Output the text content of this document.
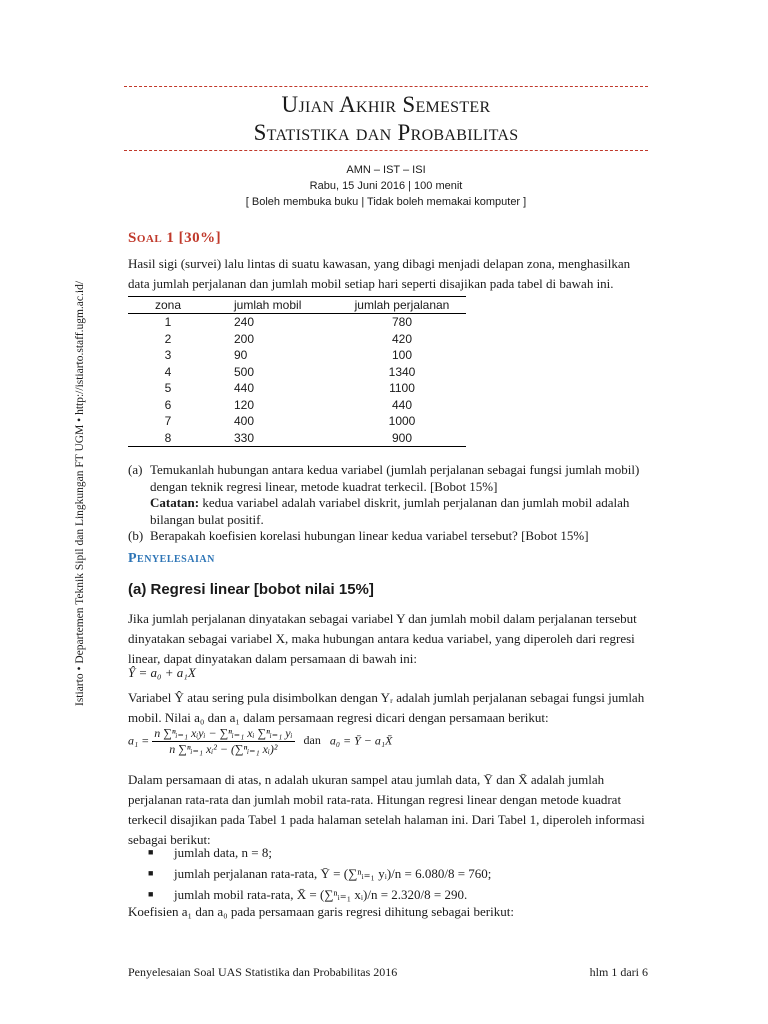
Istiarto • Departemen Teknik Sipil dan Lingkungan FT UGM • http://istiarto.staff.ugm.ac.id/
Ujian Akhir Semester
Statistika dan Probabilitas
AMN – IST – ISI
Rabu, 15 Juni 2016 | 100 menit
[ Boleh membuka buku | Tidak boleh memakai komputer ]
Soal 1 [30%]
Hasil sigi (survei) lalu lintas di suatu kawasan, yang dibagi menjadi delapan zona, menghasilkan data jumlah perjalanan dan jumlah mobil setiap hari seperti disajikan pada tabel di bawah ini.
zona	jumlah mobil	jumlah perjalanan
1	240	780
2	200	420
3	90	100
4	500	1340
5	440	1100
6	120	440
7	400	1000
8	330	900
(a) Temukanlah hubungan antara kedua variabel (jumlah perjalanan sebagai fungsi jumlah mobil) dengan teknik regresi linear, metode kuadrat terkecil. [Bobot 15%]
Catatan: kedua variabel adalah variabel diskrit, jumlah perjalanan dan jumlah mobil adalah bilangan bulat positif.
(b) Berapakah koefisien korelasi hubungan linear kedua variabel tersebut? [Bobot 15%]
Penyelesaian
(a) Regresi linear [bobot nilai 15%]
Jika jumlah perjalanan dinyatakan sebagai variabel Y dan jumlah mobil dalam perjalanan tersebut dinyatakan sebagai variabel X, maka hubungan antara kedua variabel, yang diperoleh dari regresi linear, dapat dinyatakan dalam persamaan di bawah ini:
Ŷ = a₀ + a₁X
Variabel Ŷ atau sering pula disimbolkan dengan Yᵣ adalah jumlah perjalanan sebagai fungsi jumlah mobil. Nilai a₀ dan a₁ dalam persamaan regresi dicari dengan persamaan berikut:
$a_1 = \frac{\text{n ∑ⁿᵢ₌₁ xᵢyᵢ − ∑ⁿᵢ₌₁ xᵢ ∑ⁿᵢ₌₁ yᵢ}}{\text{n ∑ⁿᵢ₌₁ xᵢ² − (∑ⁿᵢ₌₁ xᵢ)²}}$ dan a₀ = Ȳ − a₁X̄
Dalam persamaan di atas, n adalah ukuran sampel atau jumlah data, Ȳ dan X̄ adalah jumlah perjalanan rata-rata dan jumlah mobil rata-rata. Hitungan regresi linear dengan metode kuadrat terkecil disajikan pada Tabel 1 pada halaman setelah halaman ini. Dari Tabel 1, diperoleh informasi sebagai berikut:
■	jumlah data, n = 8;
■	jumlah perjalanan rata-rata, Ȳ = (∑ⁿᵢ₌₁ yᵢ)/n = 6.080/8 = 760;
■	jumlah mobil rata-rata, X̄ = (∑ⁿᵢ₌₁ xᵢ)/n = 2.320/8 = 290.
Koefisien a₁ dan a₀ pada persamaan garis regresi dihitung sebagai berikut:
Penyelesaian Soal UAS Statistika dan Probabilitas 2016	hlm 1 dari 6
